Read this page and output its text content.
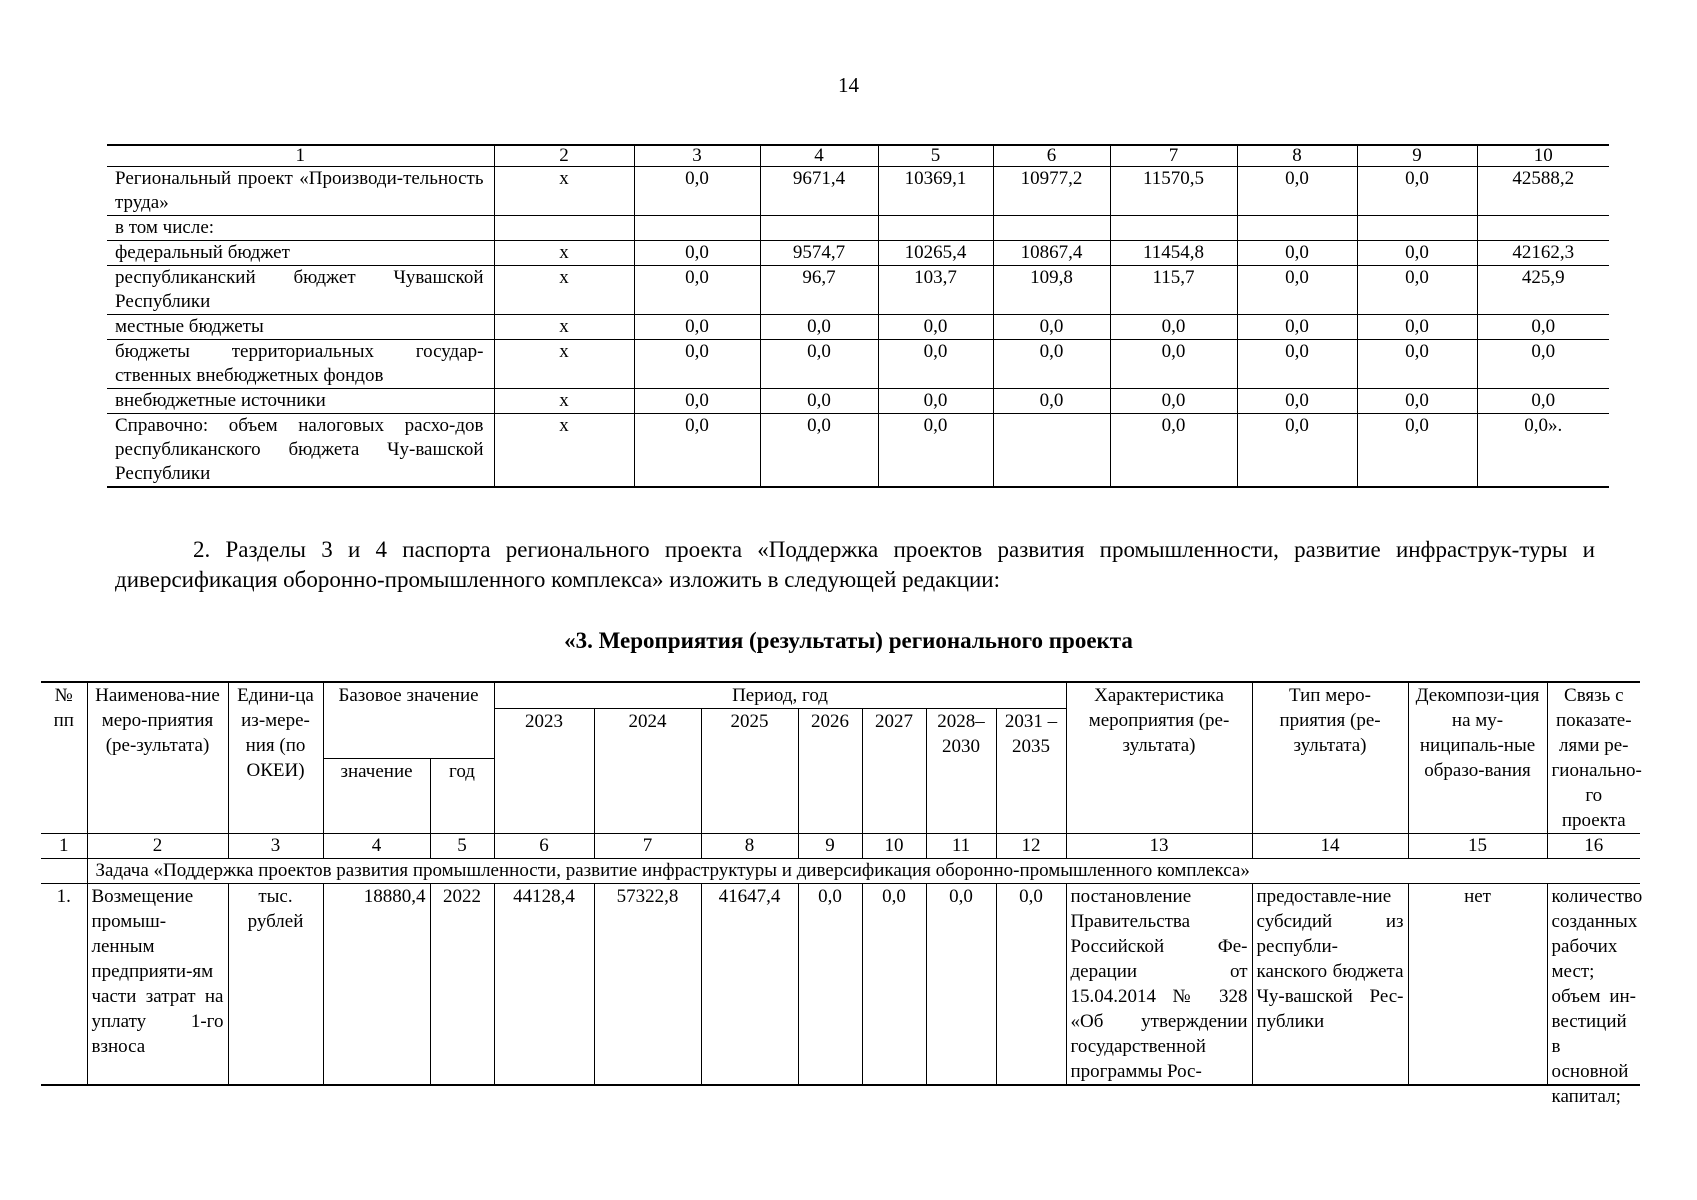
14
1	2	3	4	5	6	7	8	9	10
Региональный проект «Производи-тельность труда»	х	0,0	9671,4	10369,1	10977,2	11570,5	0,0	0,0	42588,2
в том числе:									
федеральный бюджет	х	0,0	9574,7	10265,4	10867,4	11454,8	0,0	0,0	42162,3
республиканский бюджет Чувашской Республики	х	0,0	96,7	103,7	109,8	115,7	0,0	0,0	425,9
местные бюджеты	х	0,0	0,0	0,0	0,0	0,0	0,0	0,0	0,0
бюджеты территориальных государ-ственных внебюджетных фондов	х	0,0	0,0	0,0	0,0	0,0	0,0	0,0	0,0
внебюджетные источники	х	0,0	0,0	0,0	0,0	0,0	0,0	0,0	0,0
Справочно: объем налоговых расхо-дов республиканского бюджета Чу-вашской Республики	х	0,0	0,0	0,0		0,0	0,0	0,0	0,0».
2. Разделы 3 и 4 паспорта регионального проекта «Поддержка проектов развития промышленности, развитие инфраструк-туры и диверсификация оборонно-промышленного комплекса» изложить в следующей редакции:
«3. Мероприятия (результаты) регионального проекта
№ пп	Наименова-ние меро-приятия (ре-зультата)	Едини-ца из-мере-ния (по ОКЕИ)	Базовое значение		Период, год							Характеристика мероприятия (ре-зультата)	Тип меро-приятия (ре-зультата)	Декомпози-ция на му-ниципаль-ные образо-вания	Связь с показате-лями ре-гионально-го проекта
					2023	2024	2025	2026	2027	2028–2030	2031 – 2035				
			значение	год											
1	2	3	4	5	6	7	8	9	10	11	12	13	14	15	16
	Задача «Поддержка проектов развития промышленности, развитие инфраструктуры и диверсификация оборонно-промышленного комплекса»														
1.	Возмещение промыш-ленным предприяти-ям части затрат на уплату 1-го взноса	тыс. рублей	18880,4	2022	44128,4	57322,8	41647,4	0,0	0,0	0,0	0,0	постановление Правительства Российской Фе-дерации от 15.04.2014 № 328 «Об утверждении государственной программы Рос-	предоставле-ние субсидий из республи-канского бюджета Чу-вашской Рес-публики	нет	количество созданных рабочих мест; объем ин-вестиций в основной капитал;
